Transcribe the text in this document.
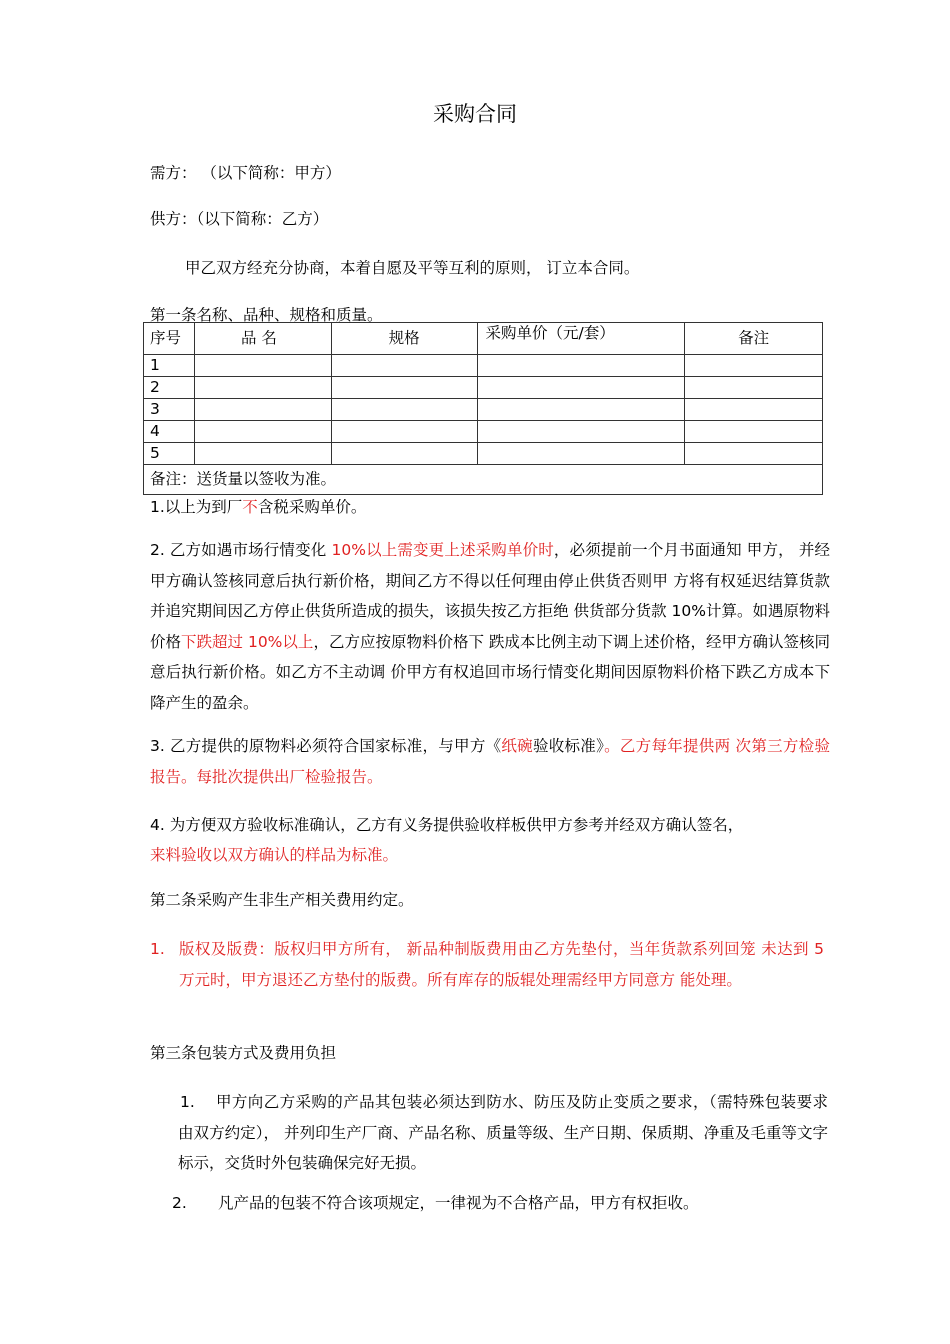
采购合同
需方： （以下简称：甲方）
供方：（以下简称：乙方）
甲乙双方经充分协商，本着自愿及平等互利的原则， 订立本合同。
第一条名称、品种、规格和质量。
序号	品 名	规格	采购单价（元/套）	备注
1				
2				
3				
4				
5				
备注：送货量以签收为准。				
1.以上为到厂不含税采购单价。
2. 乙方如遇市场行情变化 10%以上需变更上述采购单价时，必须提前一个月书面通知 甲方， 并经甲方确认签核同意后执行新价格，期间乙方不得以任何理由停止供货否则甲 方将有权延迟结算货款并追究期间因乙方停止供货所造成的损失，该损失按乙方拒绝 供货部分货款 10%计算。如遇原物料价格下跌超过 10%以上，乙方应按原物料价格下 跌成本比例主动下调上述价格，经甲方确认签核同意后执行新价格。如乙方不主动调 价甲方有权追回市场行情变化期间因原物料价格下跌乙方成本下降产生的盈余。
3. 乙方提供的原物料必须符合国家标准，与甲方《纸碗验收标准》。乙方每年提供两 次第三方检验报告。每批次提供出厂检验报告。
4. 为方便双方验收标准确认，乙方有义务提供验收样板供甲方参考并经双方确认签名，
来料验收以双方确认的样品为标准。
第二条采购产生非生产相关费用约定。
1. 版权及版费：版权归甲方所有， 新品种制版费用由乙方先垫付，当年货款系列回笼 未达到 5 万元时，甲方退还乙方垫付的版费。所有库存的版辊处理需经甲方同意方 能处理。
第三条包装方式及费用负担
1.	甲方向乙方采购的产品其包装必须达到防水、防压及防止变质之要求，（需特殊包装要求由双方约定）， 并列印生产厂商、产品名称、质量等级、生产日期、保质期、净重及毛重等文字标示，交货时外包装确保完好无损。
2. 凡产品的包装不符合该项规定，一律视为不合格产品，甲方有权拒收。
